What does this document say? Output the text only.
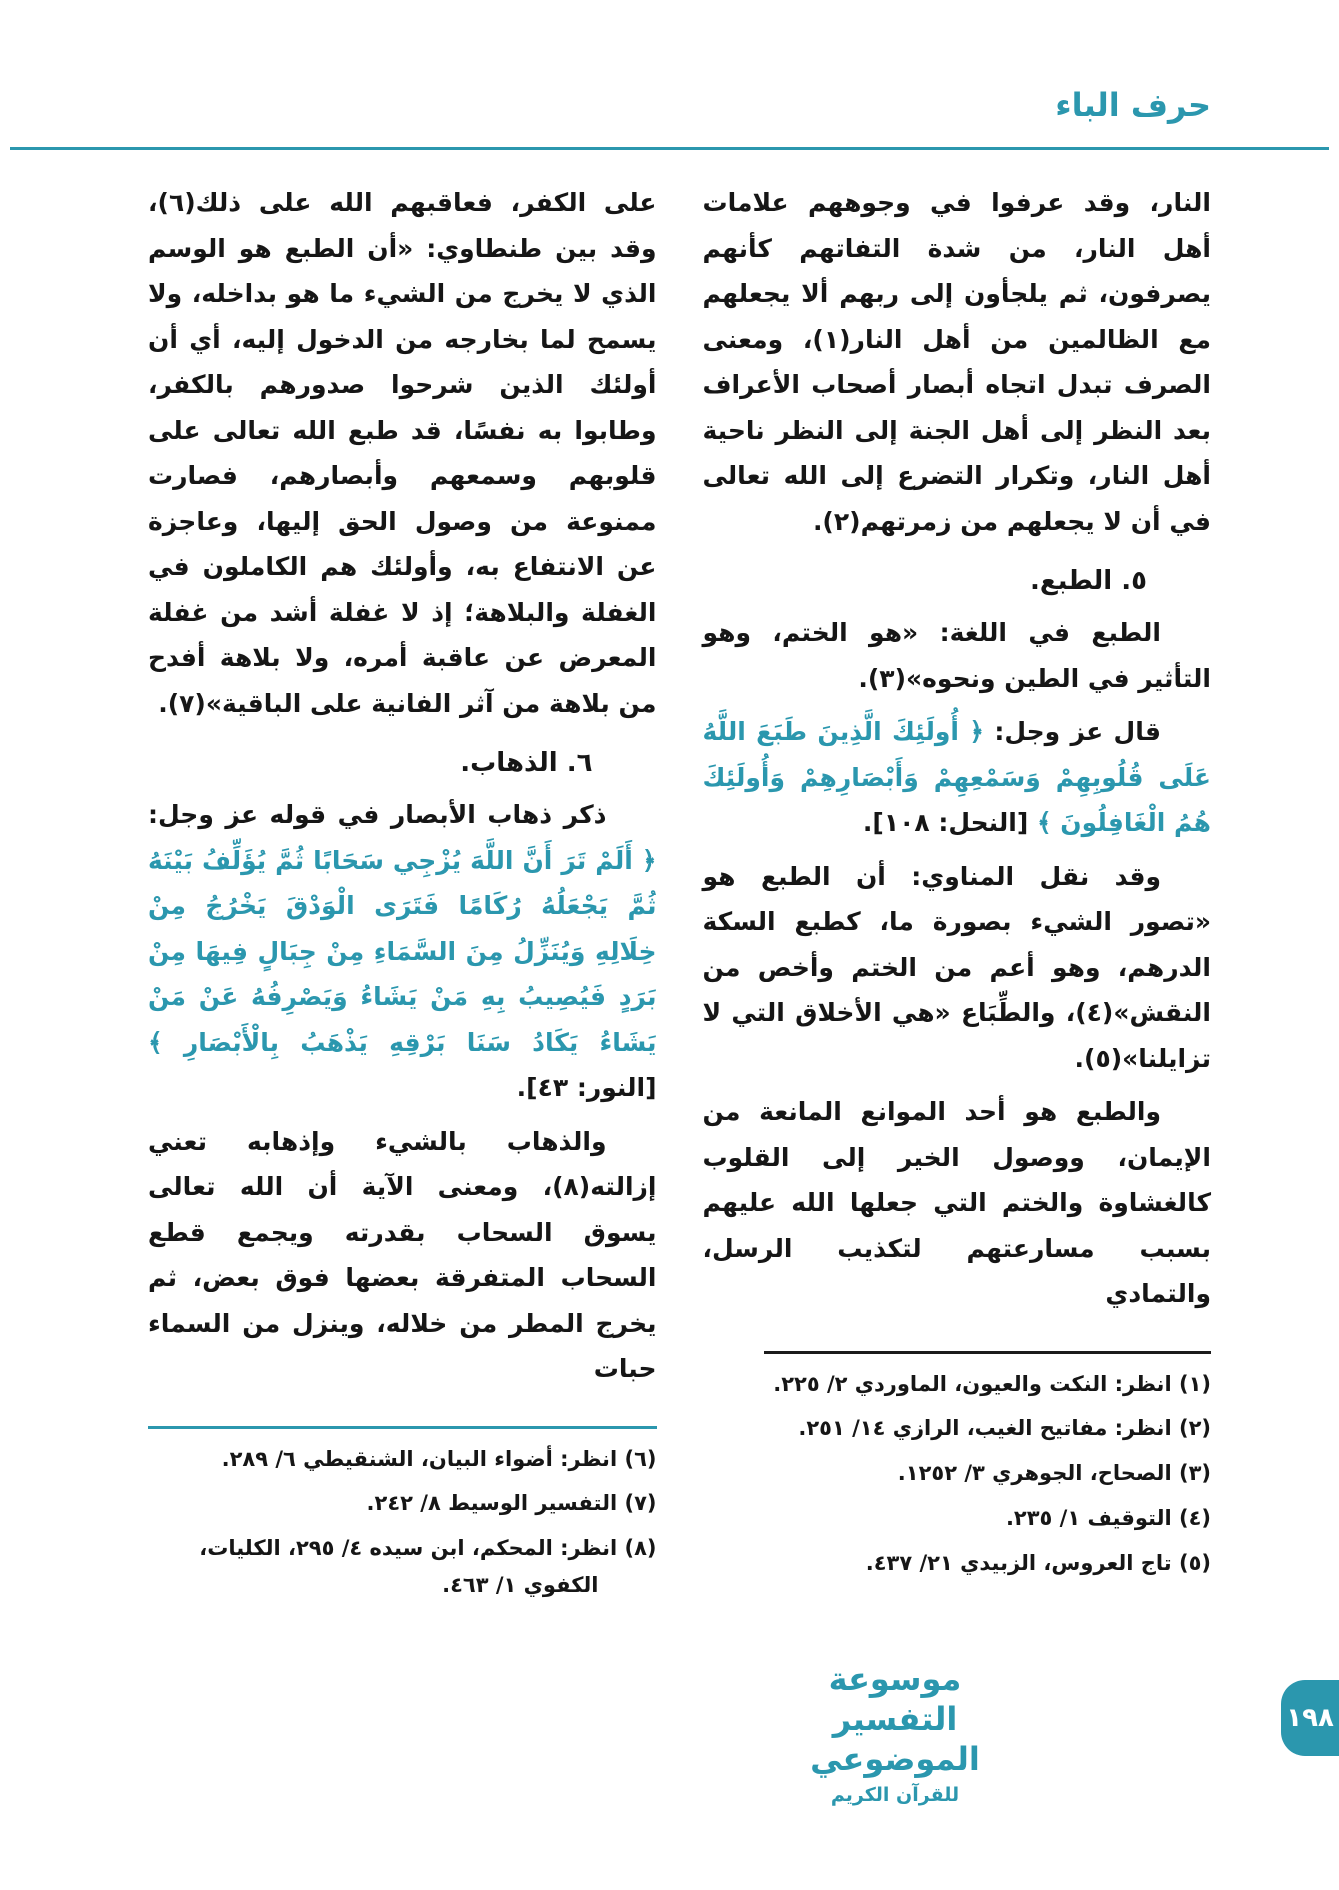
حرف الباء

النار، وقد عرفوا في وجوههم علامات أهل النار، من شدة التفاتهم كأنهم يصرفون، ثم يلجأون إلى ربهم ألا يجعلهم مع الظالمين من أهل النار(١)، ومعنى الصرف تبدل اتجاه أبصار أصحاب الأعراف بعد النظر إلى أهل الجنة إلى النظر ناحية أهل النار، وتكرار التضرع إلى الله تعالى في أن لا يجعلهم من زمرتهم(٢).

٥. الطبع.

الطبع في اللغة: «هو الختم، وهو التأثير في الطين ونحوه»(٣).

قال عز وجل: ﴿ أُولَئِكَ الَّذِينَ طَبَعَ اللَّهُ عَلَى قُلُوبِهِمْ وَسَمْعِهِمْ وَأَبْصَارِهِمْ وَأُولَئِكَ هُمُ الْغَافِلُونَ ﴾ [النحل: ١٠٨].

وقد نقل المناوي: أن الطبع هو «تصور الشيء بصورة ما، كطبع السكة الدرهم، وهو أعم من الختم وأخص من النقش»(٤)، والطِّبَاع «هي الأخلاق التي لا تزايلنا»(٥).

والطبع هو أحد الموانع المانعة من الإيمان، ووصول الخير إلى القلوب كالغشاوة والختم التي جعلها الله عليهم بسبب مسارعتهم لتكذيب الرسل، والتمادي

(١) انظر: النكت والعيون، الماوردي ٢/ ٢٢٥.
(٢) انظر: مفاتيح الغيب، الرازي ١٤/ ٢٥١.
(٣) الصحاح، الجوهري ٣/ ١٢٥٢.
(٤) التوقيف ١/ ٢٣٥.
(٥) تاج العروس، الزبيدي ٢١/ ٤٣٧.

على الكفر، فعاقبهم الله على ذلك(٦)، وقد بين طنطاوي: «أن الطبع هو الوسم الذي لا يخرج من الشيء ما هو بداخله، ولا يسمح لما بخارجه من الدخول إليه، أي أن أولئك الذين شرحوا صدورهم بالكفر، وطابوا به نفسًا، قد طبع الله تعالى على قلوبهم وسمعهم وأبصارهم، فصارت ممنوعة من وصول الحق إليها، وعاجزة عن الانتفاع به، وأولئك هم الكاملون في الغفلة والبلاهة؛ إذ لا غفلة أشد من غفلة المعرض عن عاقبة أمره، ولا بلاهة أفدح من بلاهة من آثر الفانية على الباقية»(٧).

٦. الذهاب.

ذكر ذهاب الأبصار في قوله عز وجل: ﴿ أَلَمْ تَرَ أَنَّ اللَّهَ يُزْجِي سَحَابًا ثُمَّ يُؤَلِّفُ بَيْنَهُ ثُمَّ يَجْعَلُهُ رُكَامًا فَتَرَى الْوَدْقَ يَخْرُجُ مِنْ خِلَالِهِ وَيُنَزِّلُ مِنَ السَّمَاءِ مِنْ جِبَالٍ فِيهَا مِنْ بَرَدٍ فَيُصِيبُ بِهِ مَنْ يَشَاءُ وَيَصْرِفُهُ عَنْ مَنْ يَشَاءُ يَكَادُ سَنَا بَرْقِهِ يَذْهَبُ بِالْأَبْصَارِ ﴾ [النور: ٤٣].

والذهاب بالشيء وإذهابه تعني إزالته(٨)، ومعنى الآية أن الله تعالى يسوق السحاب بقدرته ويجمع قطع السحاب المتفرقة بعضها فوق بعض، ثم يخرج المطر من خلاله، وينزل من السماء حبات

(٦) انظر: أضواء البيان، الشنقيطي ٦/ ٢٨٩.
(٧) التفسير الوسيط ٨/ ٢٤٢.
(٨) انظر: المحكم، ابن سيده ٤/ ٢٩٥، الكليات، الكفوي ١/ ٤٦٣.
موسوعة التفسير الموضوعي
للقرآن الكريم
١٩٨
